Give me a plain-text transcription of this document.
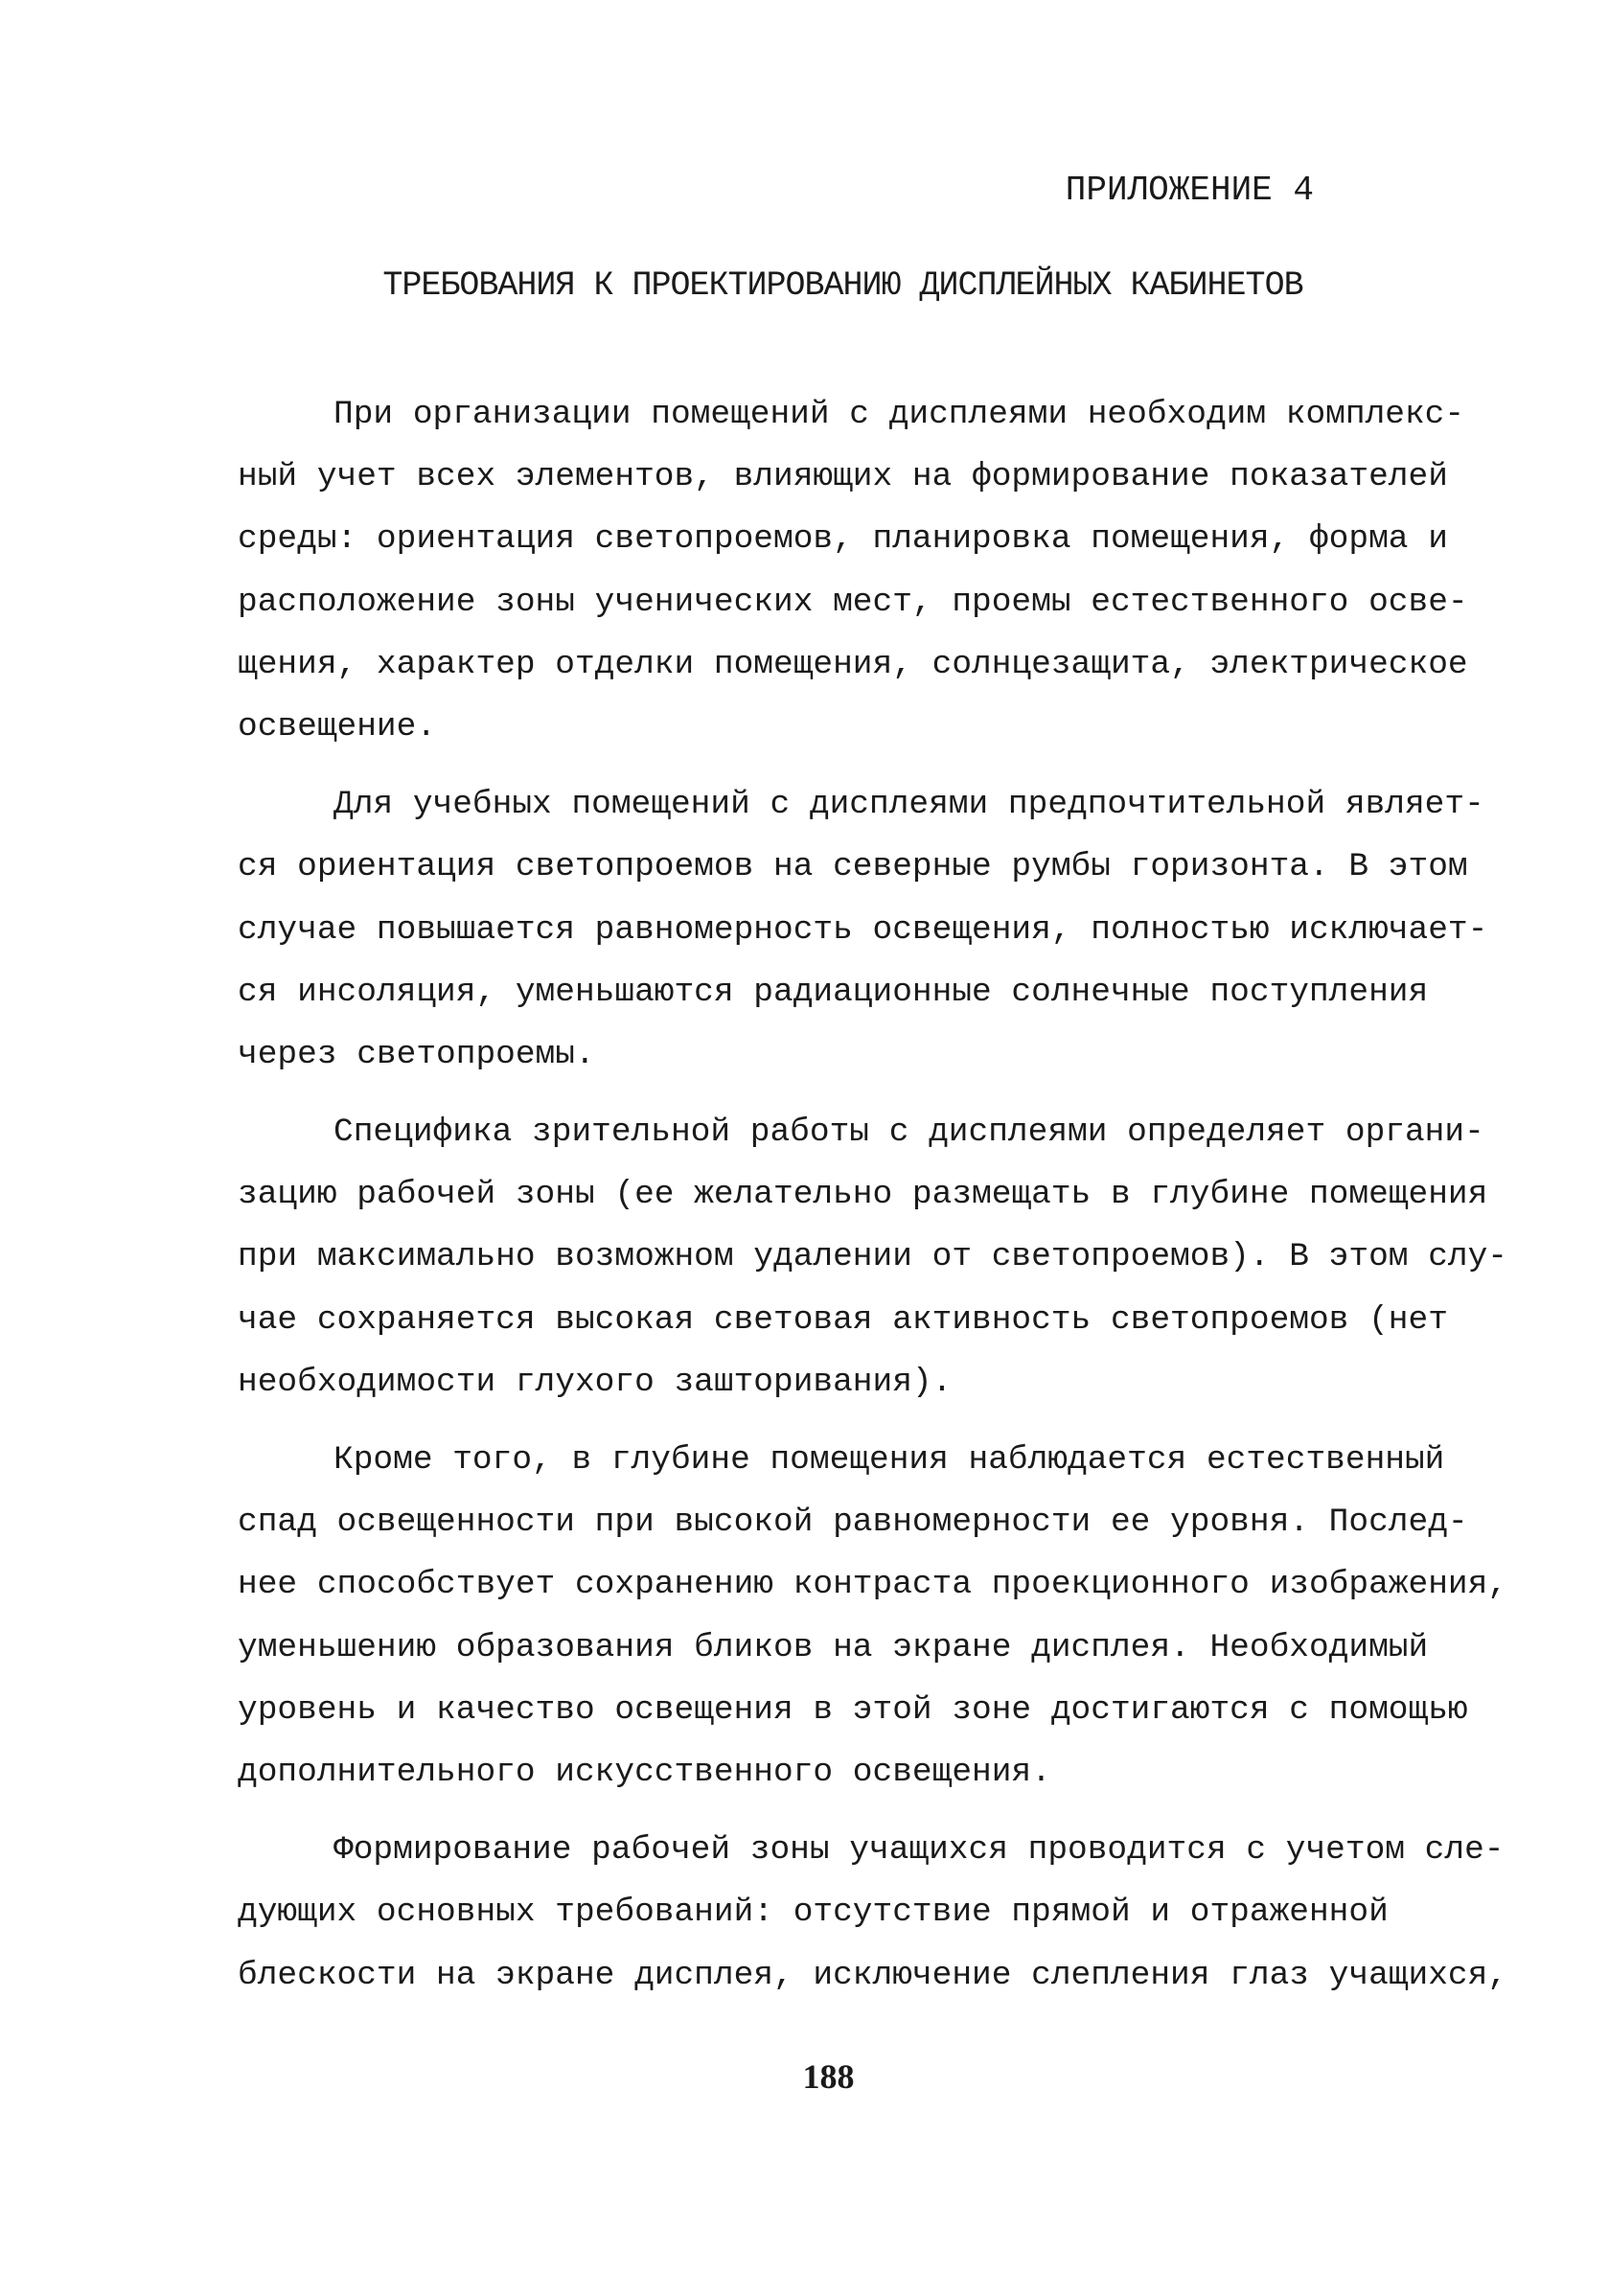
ПРИЛОЖЕНИЕ 4
ТРЕБОВАНИЯ К ПРОЕКТИРОВАНИЮ ДИСПЛЕЙНЫХ КАБИНЕТОВ
При организации помещений с дисплеями необходим комплекс-
ный учет всех элементов, влияющих на формирование показателей
среды: ориентация светопроемов, планировка помещения, форма и
расположение зоны ученических мест, проемы естественного осве-
щения, характер отделки помещения, солнцезащита, электрическое
освещение.
Для учебных помещений с дисплеями предпочтительной являет-
ся ориентация светопроемов на северные румбы горизонта. В этом
случае повышается равномерность освещения, полностью исключает-
ся инсоляция, уменьшаются радиационные солнечные поступления
через светопроемы.
Специфика зрительной работы с дисплеями определяет органи-
зацию рабочей зоны (ее желательно размещать в глубине помещения
при максимально возможном удалении от светопроемов). В этом слу-
чае сохраняется высокая световая активность светопроемов (нет
необходимости глухого зашторивания).
Кроме того, в глубине помещения наблюдается естественный
спад освещенности при высокой равномерности ее уровня. Послед-
нее способствует сохранению контраста проекционного изображения,
уменьшению образования бликов на экране дисплея. Необходимый
уровень и качество освещения в этой зоне достигаются с помощью
дополнительного искусственного освещения.
Формирование рабочей зоны учащихся проводится с учетом сле-
дующих основных требований: отсутствие прямой и отраженной
блескости на экране дисплея, исключение слепления глаз учащихся,
188
